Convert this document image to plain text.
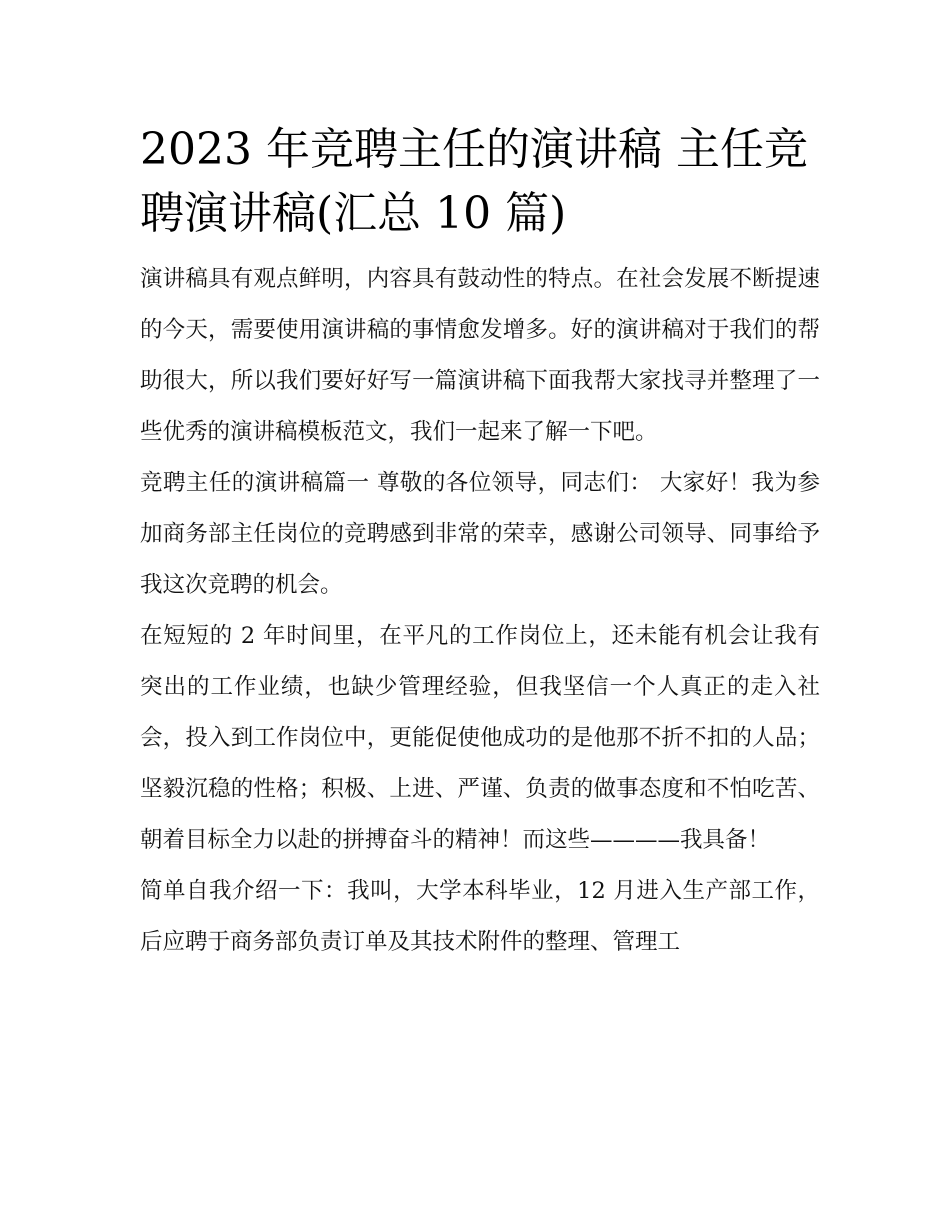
2023 年竞聘主任的演讲稿 主任竞聘演讲稿(汇总 10 篇)

演讲稿具有观点鲜明，内容具有鼓动性的特点。在社会发展不断提速的今天，需要使用演讲稿的事情愈发增多。好的演讲稿对于我们的帮助很大，所以我们要好好写一篇演讲稿下面我帮大家找寻并整理了一些优秀的演讲稿模板范文，我们一起来了解一下吧。

竞聘主任的演讲稿篇一 尊敬的各位领导，同志们： 大家好！我为参加商务部主任岗位的竞聘感到非常的荣幸，感谢公司领导、同事给予我这次竞聘的机会。

在短短的 2 年时间里，在平凡的工作岗位上，还未能有机会让我有突出的工作业绩，也缺少管理经验，但我坚信一个人真正的走入社会，投入到工作岗位中，更能促使他成功的是他那不折不扣的人品；坚毅沉稳的性格；积极、上进、严谨、负责的做事态度和不怕吃苦、朝着目标全力以赴的拼搏奋斗的精神！而这些————我具备！

简单自我介绍一下：我叫，大学本科毕业，12 月进入生产部工作，后应聘于商务部负责订单及其技术附件的整理、管理工
